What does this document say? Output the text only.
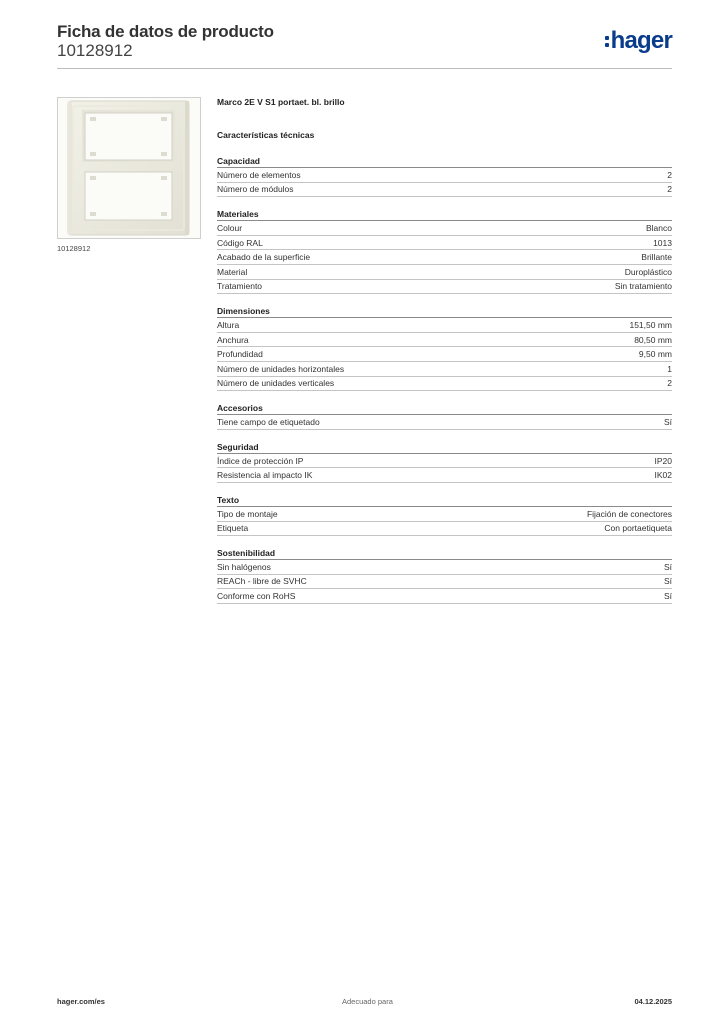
Ficha de datos de producto
10128912	hager
10128912
Marco 2E V S1 portaet. bl. brillo
Características técnicas
Capacidad
Número de elementos	2
Número de módulos	2
Materiales
Colour	Blanco
Código RAL	1013
Acabado de la superficie	Brillante
Material	Duroplástico
Tratamiento	Sin tratamiento
Dimensiones
Altura	151,50 mm
Anchura	80,50 mm
Profundidad	9,50 mm
Número de unidades horizontales	1
Número de unidades verticales	2
Accesorios
Tiene campo de etiquetado	Sí
Seguridad
Índice de protección IP	IP20
Resistencia al impacto IK	IK02
Texto
Tipo de montaje	Fijación de conectores
Etiqueta	Con portaetiqueta
Sostenibilidad
Sin halógenos	Sí
REACh - libre de SVHC	Sí
Conforme con RoHS	Sí
hager.com/es	Adecuado para	04.12.2025
